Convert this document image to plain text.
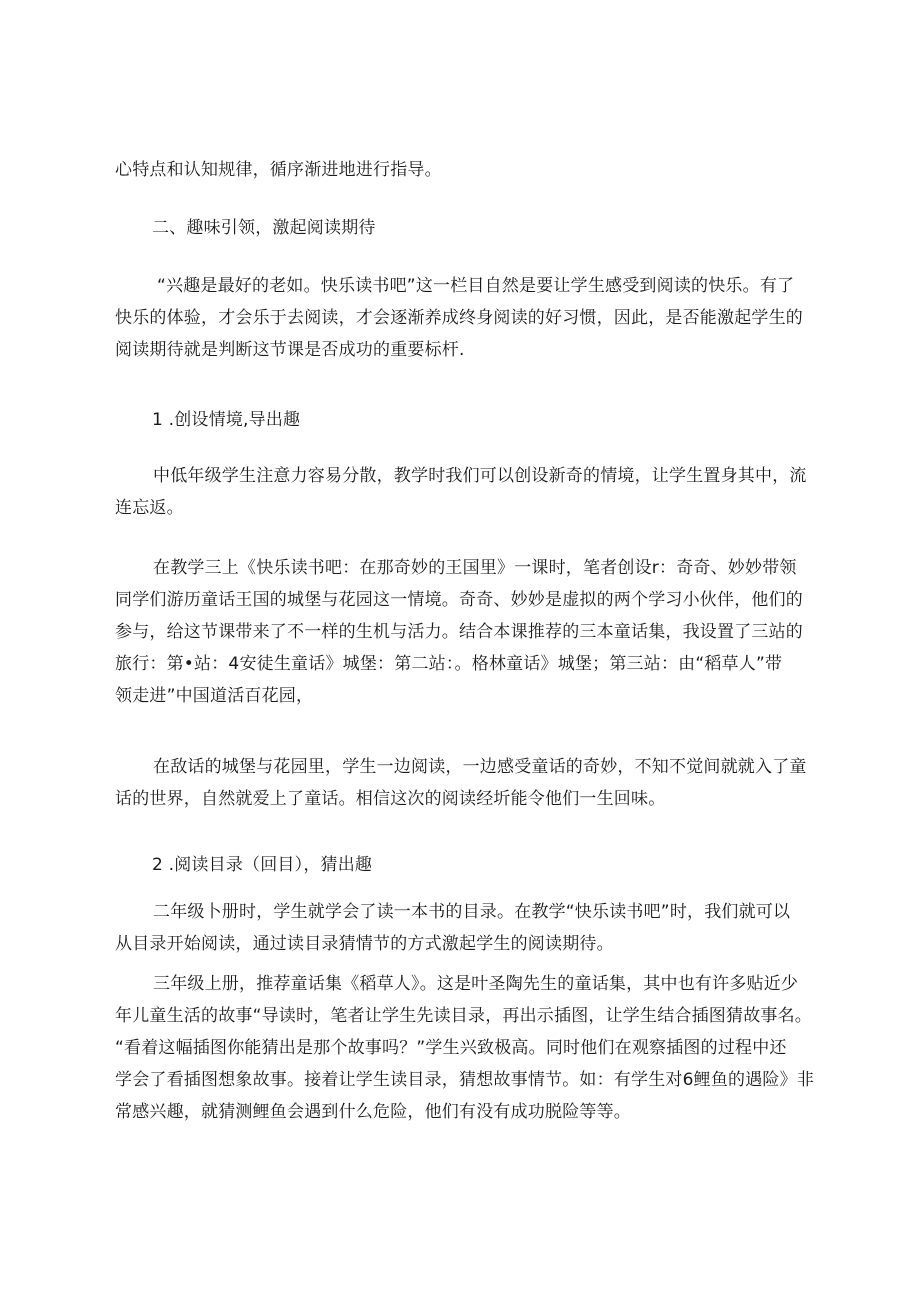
心特点和认知规律，循序渐进地进行指导。
二、趣味引领，激起阅读期待
“兴趣是最好的老如。快乐读书吧”这一栏目自然是要让学生感受到阅读的快乐。有了
快乐的体验，才会乐于去阅读，才会逐渐养成终身阅读的好习惯，因此，是否能激起学生的
阅读期待就是判断这节课是否成功的重要标杆.
1 .创设情境,导出趣
中低年级学生注意力容易分散，教学时我们可以创设新奇的情境，让学生置身其中，流
连忘返。
在教学三上《快乐读书吧：在那奇妙的王国里》一课时，笔者创设r：奇奇、妙妙带领
同学们游历童话王国的城堡与花园这一情境。奇奇、妙妙是虚拟的两个学习小伙伴，他们的
参与，给这节课带来了不一样的生机与活力。结合本课推荐的三本童话集，我设置了三站的
旅行：第•站：4安徒生童话》城堡：第二站：。格林童话》城堡；第三站：由“稻草人”带
领走进”中国道活百花园，
在敌话的城堡与花园里，学生一边阅读，一边感受童话的奇妙，不知不觉间就就入了童
话的世界，自然就爱上了童话。相信这次的阅读经圻能令他们一生回味。
2 .阅读目录（回目），猜出趣
二年级卜册时，学生就学会了读一本书的目录。在教学“快乐读书吧”时，我们就可以
从目录开始阅读，通过读目录猜情节的方式激起学生的阅读期待。
三年级上册，推荐童话集《稻草人》。这是叶圣陶先生的童话集，其中也有许多贴近少
年儿童生活的故事“导读时，笔者让学生先读目录，再出示插图，让学生结合插图猜故事名。
“看着这幅插图你能猜出是那个故事吗？”学生兴致极高。同时他们在观察插图的过程中还
学会了看插图想象故事。接着让学生读目录，猜想故事情节。如：有学生对6鲤鱼的遇险》非
常感兴趣，就猜测鲤鱼会遇到什么危险，他们有没有成功脱险等等。
